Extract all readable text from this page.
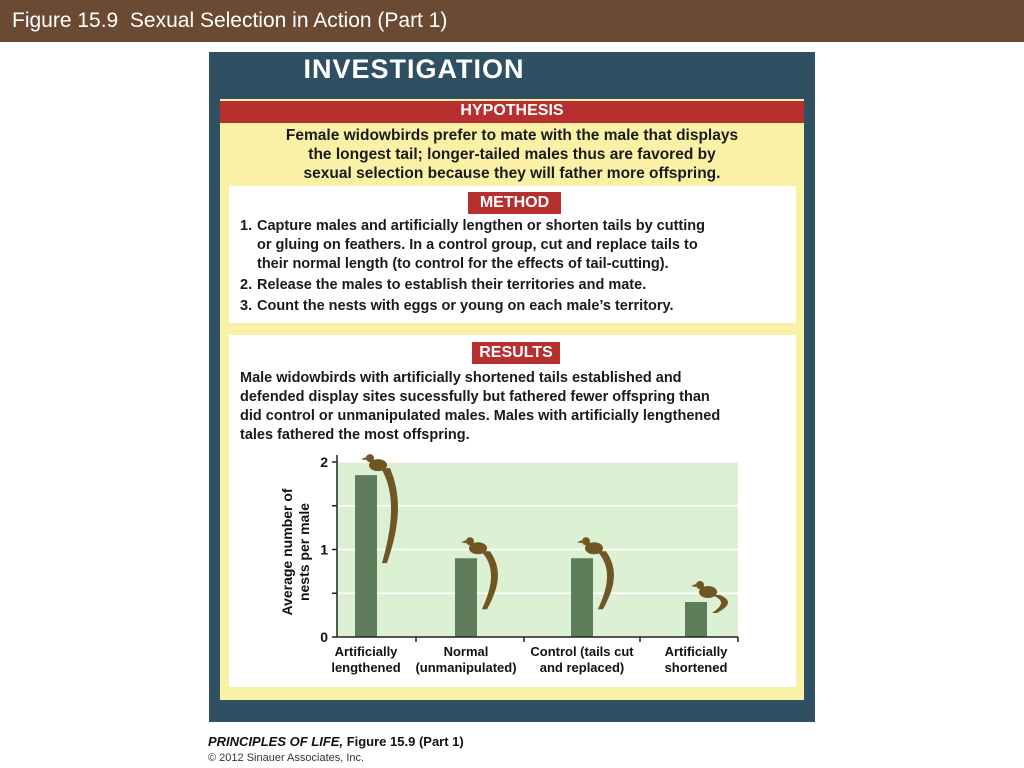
Figure 15.9  Sexual Selection in Action (Part 1)
INVESTIGATION
HYPOTHESIS
Female widowbirds prefer to mate with the male that displays
the longest tail; longer-tailed males thus are favored by
sexual selection because they will father more offspring.
METHOD
1. Capture males and artificially lengthen or shorten tails by cutting
or gluing on feathers. In a control group, cut and replace tails to
their normal length (to control for the effects of tail-cutting).
2. Release the males to establish their territories and mate.
3. Count the nests with eggs or young on each male’s territory.
RESULTS
Male widowbirds with artificially shortened tails established and
defended display sites sucessfully but fathered fewer offspring than
did control or unmanipulated males. Males with artificially lengthened
tales fathered the most offspring.
0
1
2
Artificially
lengthened
Normal
(unmanipulated)
Control (tails cut
and replaced)
Artificially
shortened
Average number of nests per male
PRINCIPLES OF LIFE, Figure 15.9 (Part 1)
© 2012 Sinauer Associates, Inc.
